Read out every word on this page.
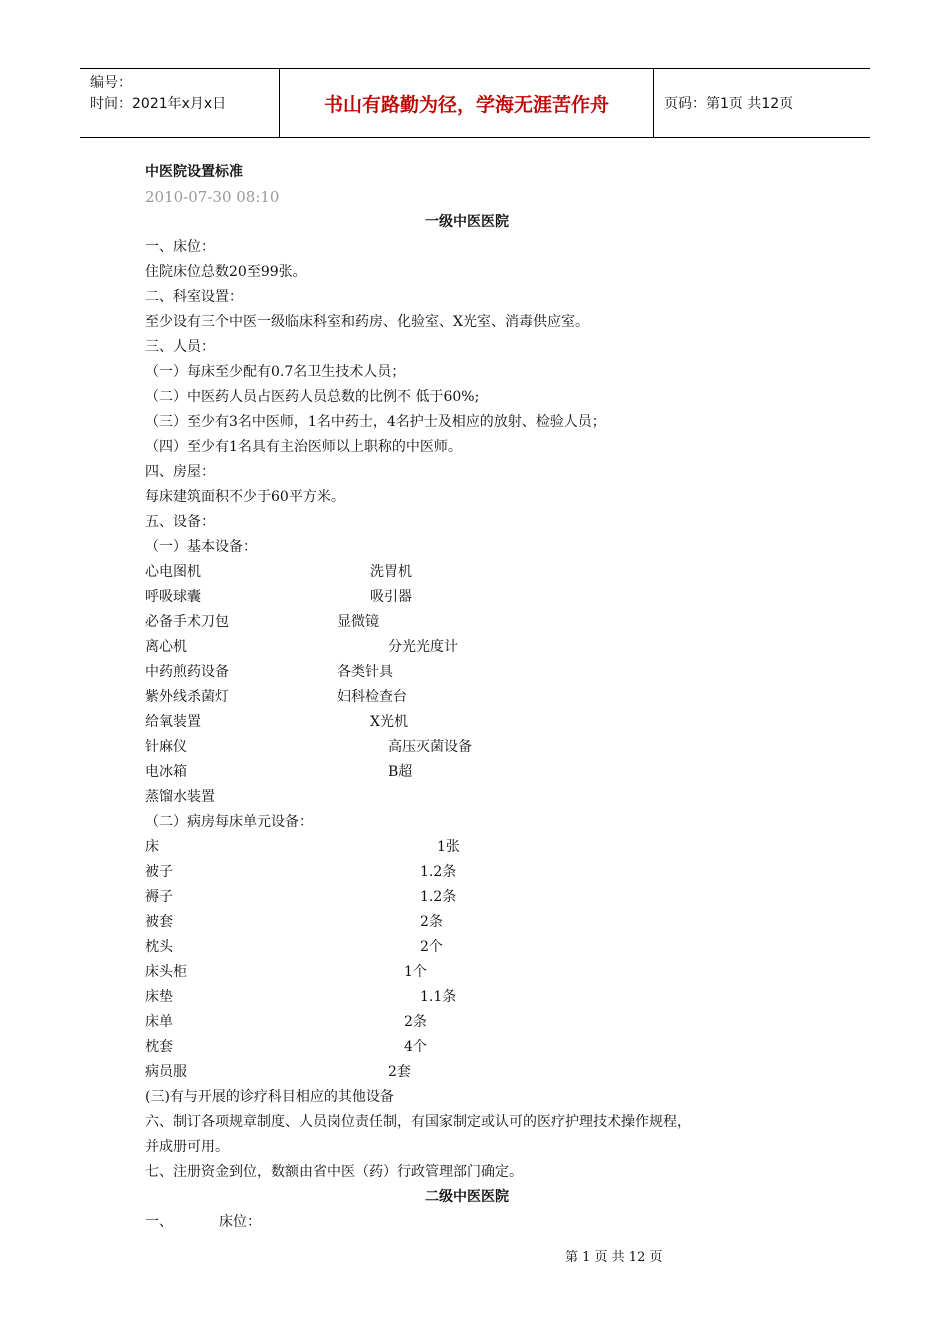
编号：
时间：2021年x月x日	书山有路勤为径，学海无涯苦作舟	页码：第1页 共12页
中医院设置标准
2010-07-30 08:10
一级中医医院
一、床位：
住院床位总数20至99张。
二、科室设置：
至少设有三个中医一级临床科室和药房、化验室、X光室、消毒供应室。
三、人员：
（一）每床至少配有0.7名卫生技术人员；
（二）中医药人员占医药人员总数的比例不 低于60%;
（三）至少有3名中医师，1名中药士，4名护士及相应的放射、检验人员；
（四）至少有1名具有主治医师以上职称的中医师。
四、房屋：
每床建筑面积不少于60平方米。
五、设备：
（一）基本设备：
心电图机	洗胃机
呼吸球囊	吸引器
必备手术刀包	显微镜
离心机	分光光度计
中药煎药设备	各类针具
紫外线杀菌灯	妇科检查台
给氧装置	X光机
针麻仪	高压灭菌设备
电冰箱	B超
蒸馏水装置
（二）病房每床单元设备：
床	1张
被子	1.2条
褥子	1.2条
被套	2条
枕头	2个
床头柜	1个
床垫	1.1条
床单	2条
枕套	4个
病员服	2套
(三)有与开展的诊疗科目相应的其他设备
六、制订各项规章制度、人员岗位责任制，有国家制定或认可的医疗护理技术操作规程，
并成册可用。
七、注册资金到位，数额由省中医（药）行政管理部门确定。
二级中医医院
一、	床位：
第 1 页 共 12 页
